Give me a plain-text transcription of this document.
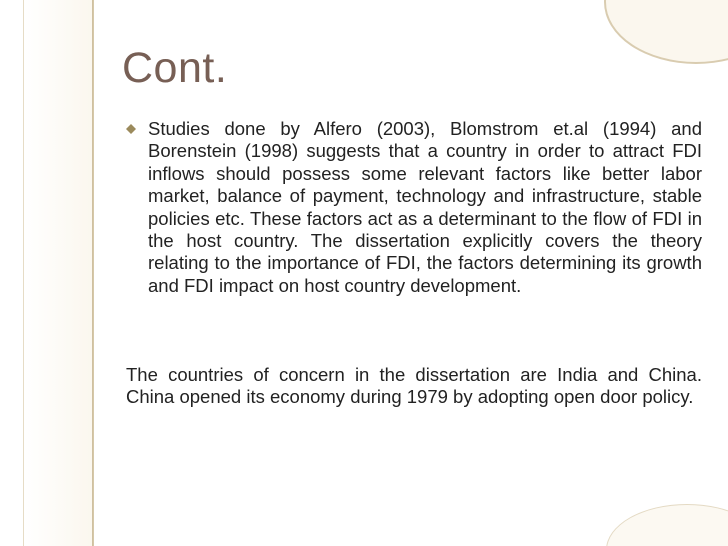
Cont.
Studies done by Alfero (2003), Blomstrom et.al (1994) and Borenstein (1998) suggests that a country in order to attract FDI inflows should possess some relevant factors like better labor market, balance of payment, technology and infrastructure, stable policies etc. These factors act as a determinant to the flow of FDI in the host country. The dissertation explicitly covers the theory relating to the importance of FDI, the factors determining its growth and FDI impact on host country development.

The countries of concern in the dissertation are India and China. China opened its economy during 1979 by adopting open door policy.
